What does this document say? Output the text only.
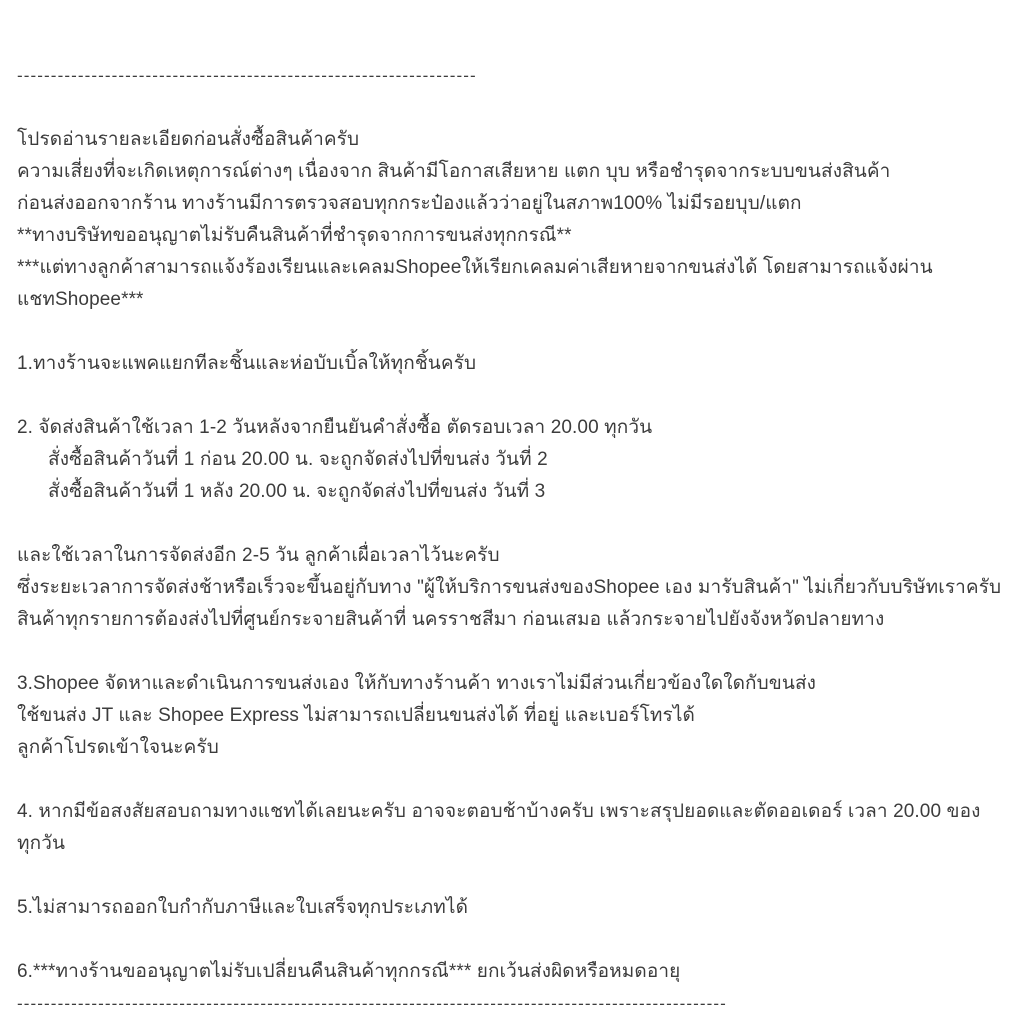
--------------------------------------------------------------------
โปรดอ่านรายละเอียดก่อนสั่งซื้อสินค้าครับ
ความเสี่ยงที่จะเกิดเหตุการณ์ต่างๆ เนื่องจาก สินค้ามีโอกาสเสียหาย แตก บุบ หรือชำรุดจากระบบขนส่งสินค้า
ก่อนส่งออกจากร้าน ทางร้านมีการตรวจสอบทุกกระป๋องแล้วว่าอยู่ในสภาพ100% ไม่มีรอยบุบ/แตก
**ทางบริษัทขออนุญาตไม่รับคืนสินค้าที่ชำรุดจากการขนส่งทุกกรณี**
***แต่ทางลูกค้าสามารถแจ้งร้องเรียนและเคลมShopeeให้เรียกเคลมค่าเสียหายจากขนส่งได้ โดยสามารถแจ้งผ่านแชทShopee***
1.ทางร้านจะแพคแยกทีละชิ้นและห่อบับเบิ้ลให้ทุกชิ้นครับ
2. จัดส่งสินค้าใช้เวลา 1-2 วันหลังจากยืนยันคำสั่งซื้อ ตัดรอบเวลา 20.00 ทุกวัน
สั่งซื้อสินค้าวันที่ 1 ก่อน 20.00 น. จะถูกจัดส่งไปที่ขนส่ง วันที่ 2
สั่งซื้อสินค้าวันที่ 1 หลัง 20.00 น. จะถูกจัดส่งไปที่ขนส่ง วันที่ 3
และใช้เวลาในการจัดส่งอีก 2-5 วัน ลูกค้าเผื่อเวลาไว้นะครับ
ซึ่งระยะเวลาการจัดส่งช้าหรือเร็วจะขึ้นอยู่กับทาง "ผู้ให้บริการขนส่งของShopee เอง มารับสินค้า" ไม่เกี่ยวกับบริษัทเราครับ
สินค้าทุกรายการต้องส่งไปที่ศูนย์กระจายสินค้าที่ นครราชสีมา ก่อนเสมอ แล้วกระจายไปยังจังหวัดปลายทาง
3.Shopee จัดหาและดำเนินการขนส่งเอง ให้กับทางร้านค้า ทางเราไม่มีส่วนเกี่ยวข้องใดใดกับขนส่ง
ใช้ขนส่ง JT และ Shopee Express ไม่สามารถเปลี่ยนขนส่งได้ ที่อยู่ และเบอร์โทรได้
ลูกค้าโปรดเข้าใจนะครับ
4. หากมีข้อสงสัยสอบถามทางแชทได้เลยนะครับ อาจจะตอบช้าบ้างครับ เพราะสรุปยอดและตัดออเดอร์ เวลา 20.00 ของทุกวัน
5.ไม่สามารถออกใบกำกับภาษีและใบเสร็จทุกประเภทได้
6.***ทางร้านขออนุญาตไม่รับเปลี่ยนคืนสินค้าทุกกรณี*** ยกเว้นส่งผิดหรือหมดอายุ
---------------------------------------------------------------------------------------------------------
